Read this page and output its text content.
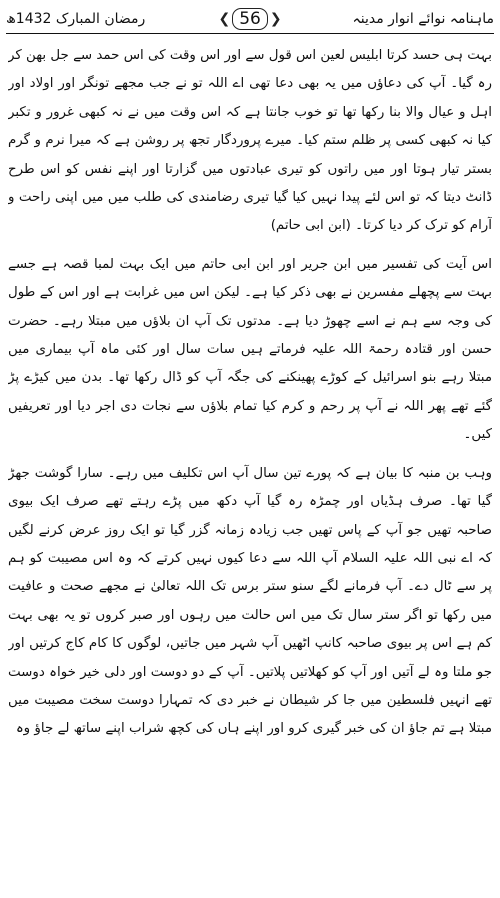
ماہنامہ نوائے انوار مدینہ
❮ 56 ❯
رمضان المبارک 1432ھ

بہت ہی حسد کرتا ابلیس لعین اس قول سے اور اس وقت کی اس حمد سے جل بھن کر رہ گیا۔ آپ کی دعاؤں میں یہ بھی دعا تھی اے اللہ تو نے جب مجھے تونگر اور اولاد اور اہل و عیال والا بنا رکھا تھا تو خوب جانتا ہے کہ اس وقت میں نے نہ کبھی غرور و تکبر کیا نہ کبھی کسی پر ظلم ستم کیا۔ میرے پروردگار تجھ پر روشن ہے کہ میرا نرم و گرم بستر تیار ہوتا اور میں راتوں کو تیری عبادتوں میں گزارتا اور اپنے نفس کو اس طرح ڈانٹ دیتا کہ تو اس لئے پیدا نہیں کیا گیا تیری رضامندی کی طلب میں میں اپنی راحت و آرام کو ترک کر دیا کرتا۔ (ابن ابی حاتم)

اس آیت کی تفسیر میں ابن جریر اور ابن ابی حاتم میں ایک بہت لمبا قصہ ہے جسے بہت سے پچھلے مفسرین نے بھی ذکر کیا ہے۔ لیکن اس میں غرابت ہے اور اس کے طول کی وجہ سے ہم نے اسے چھوڑ دیا ہے۔ مدتوں تک آپ ان بلاؤں میں مبتلا رہے۔ حضرت حسن اور قتادہ رحمۃ اللہ علیہ فرماتے ہیں سات سال اور کئی ماہ آپ بیماری میں مبتلا رہے بنو اسرائیل کے کوڑے پھینکنے کی جگہ آپ کو ڈال رکھا تھا۔ بدن میں کیڑے پڑ گئے تھے پھر اللہ نے آپ پر رحم و کرم کیا تمام بلاؤں سے نجات دی اجر دیا اور تعریفیں کیں۔

وہب بن منبہ کا بیان ہے کہ پورے تین سال آپ اس تکلیف میں رہے۔ سارا گوشت جھڑ گیا تھا۔ صرف ہڈیاں اور چمڑہ رہ گیا آپ دکھ میں پڑے رہتے تھے صرف ایک بیوی صاحبہ تھیں جو آپ کے پاس تھیں جب زیادہ زمانہ گزر گیا تو ایک روز عرض کرنے لگیں کہ اے نبی اللہ علیہ السلام آپ اللہ سے دعا کیوں نہیں کرتے کہ وہ اس مصیبت کو ہم پر سے ٹال دے۔ آپ فرمانے لگے سنو ستر برس تک اللہ تعالیٰ نے مجھے صحت و عافیت میں رکھا تو اگر ستر سال تک میں اس حالت میں رہوں اور صبر کروں تو یہ بھی بہت کم ہے اس پر بیوی صاحبہ کانپ اٹھیں آپ شہر میں جاتیں، لوگوں کا کام کاج کرتیں اور جو ملتا وہ لے آتیں اور آپ کو کھلاتیں پلاتیں۔ آپ کے دو دوست اور دلی خیر خواہ دوست تھے انہیں فلسطین میں جا کر شیطان نے خبر دی کہ تمہارا دوست سخت مصیبت میں مبتلا ہے تم جاؤ ان کی خبر گیری کرو اور اپنے ہاں کی کچھ شراب اپنے ساتھ لے جاؤ وہ
